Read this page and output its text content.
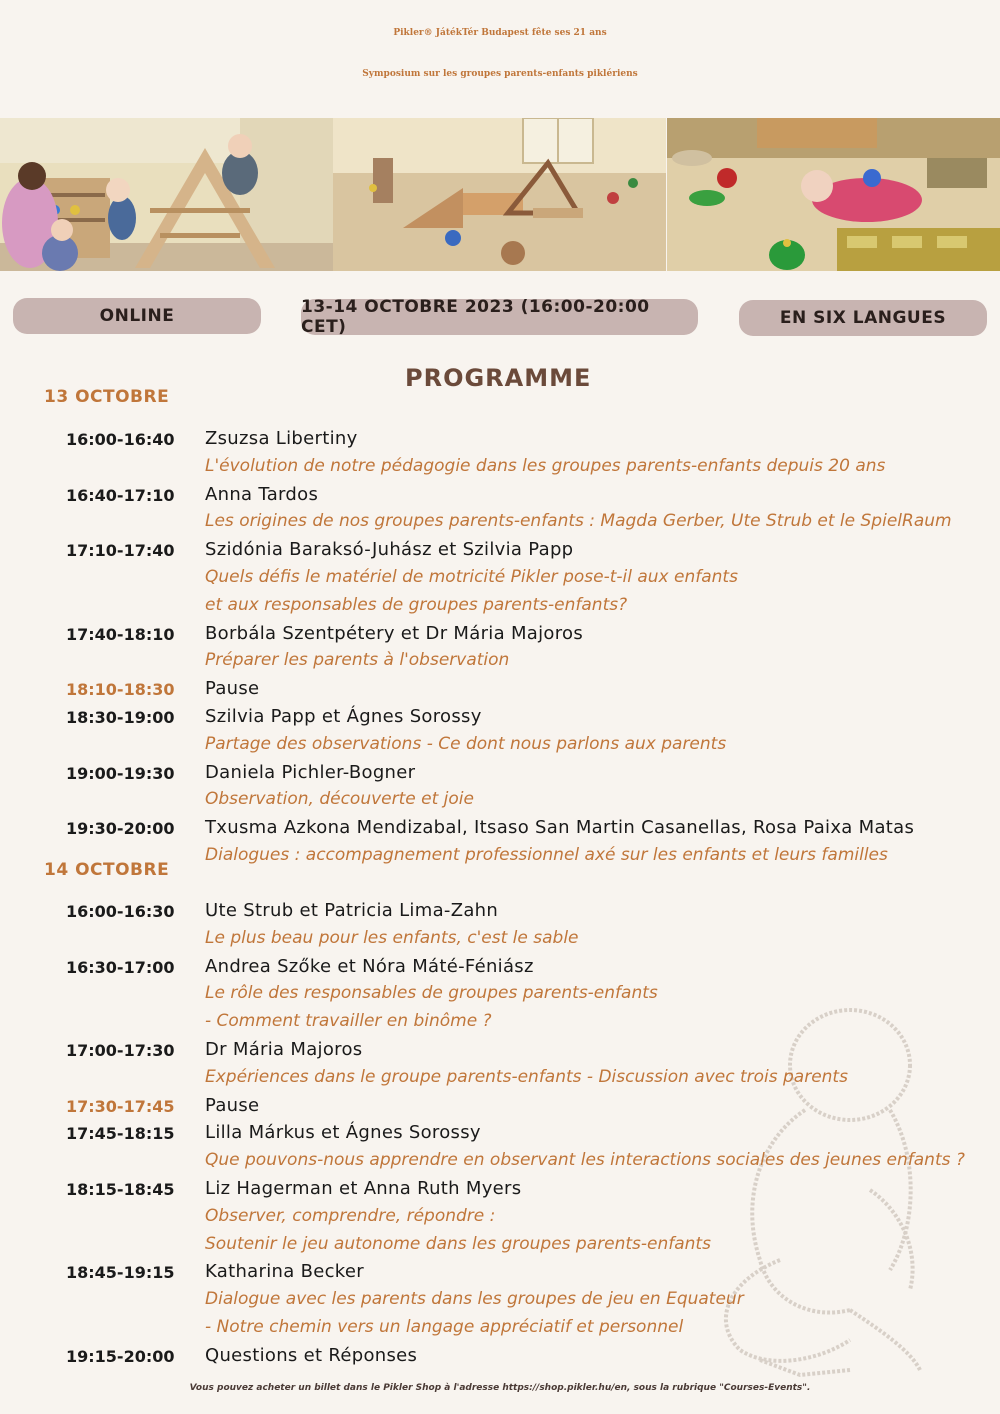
Pikler® JátékTér Budapest fête ses 21 ans
Symposium sur les groupes parents-enfants piklériens
ONLINE	13-14 OCTOBRE 2023 (16:00-20:00 CET)	EN SIX LANGUES
PROGRAMME
13 OCTOBRE
14 OCTOBRE
16:00-16:40	Zsuzsa Libertiny
L'évolution de notre pédagogie dans les groupes parents-enfants depuis 20 ans
16:40-17:10	Anna Tardos
Les origines de nos groupes parents-enfants : Magda Gerber, Ute Strub et le SpielRaum
17:10-17:40	Szidónia Baraksó-Juhász et Szilvia Papp
Quels défis le matériel de motricité Pikler pose-t-il aux enfants
et aux responsables de groupes parents-enfants?
17:40-18:10	Borbála Szentpétery et Dr Mária Majoros
Préparer les parents à l'observation
18:10-18:30	Pause
18:30-19:00	Szilvia Papp et Ágnes Sorossy
Partage des observations - Ce dont nous parlons aux parents
19:00-19:30	Daniela Pichler-Bogner
Observation, découverte et joie
19:30-20:00	Txusma Azkona Mendizabal, Itsaso San Martin Casanellas, Rosa Paixa Matas
Dialogues : accompagnement professionnel axé sur les enfants et leurs familles
16:00-16:30	Ute Strub et Patricia Lima-Zahn
Le plus beau pour les enfants, c'est le sable
16:30-17:00	Andrea Szőke et Nóra Máté-Féniász
Le rôle des responsables de groupes parents-enfants
- Comment travailler en binôme ?
17:00-17:30	Dr Mária Majoros
Expériences dans le groupe parents-enfants - Discussion avec trois parents
17:30-17:45	Pause
17:45-18:15	Lilla Márkus et Ágnes Sorossy
Que pouvons-nous apprendre en observant les interactions sociales des jeunes enfants ?
18:15-18:45	Liz Hagerman et Anna Ruth Myers
Observer, comprendre, répondre :
Soutenir le jeu autonome dans les groupes parents-enfants
18:45-19:15	Katharina Becker
Dialogue avec les parents dans les groupes de jeu en Equateur
- Notre chemin vers un langage appréciatif et personnel
19:15-20:00	Questions et Réponses
Vous pouvez acheter un billet dans le Pikler Shop à l'adresse https://shop.pikler.hu/en, sous la rubrique "Courses-Events".
